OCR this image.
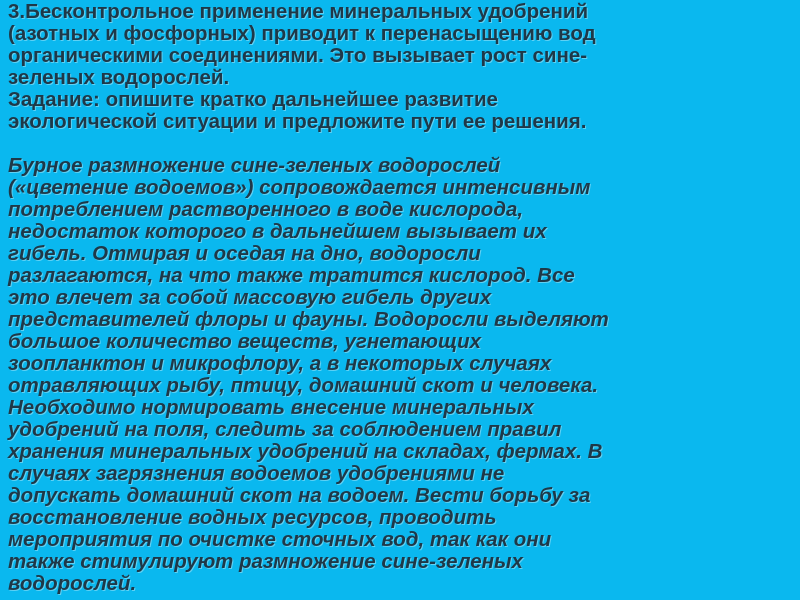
3.Бесконтрольное применение минеральных удобрений
(азотных и фосфорных) приводит к перенасыщению вод
органическими соединениями. Это вызывает рост сине-
зеленых водорослей.
Задание: опишите кратко дальнейшее развитие
экологической ситуации и предложите пути ее решения.
Бурное размножение сине-зеленых водорослей
(«цветение водоемов») сопровождается интенсивным
потреблением растворенного в воде кислорода,
недостаток которого в дальнейшем вызывает их
гибель. Отмирая и оседая на дно, водоросли
разлагаются, на что также тратится кислород. Все
это влечет за собой массовую гибель других
представителей флоры и фауны. Водоросли выделяют
большое количество веществ, угнетающих
зоопланктон и микрофлору, а в некоторых случаях
отравляющих рыбу, птицу, домашний скот и человека.
Необходимо нормировать внесение минеральных
удобрений на поля, следить за соблюдением правил
хранения минеральных удобрений на складах, фермах. В
случаях загрязнения водоемов удобрениями не
допускать домашний скот на водоем. Вести борьбу за
восстановление водных ресурсов, проводить
мероприятия по очистке сточных вод, так как они
также стимулируют размножение сине-зеленых
водорослей.
